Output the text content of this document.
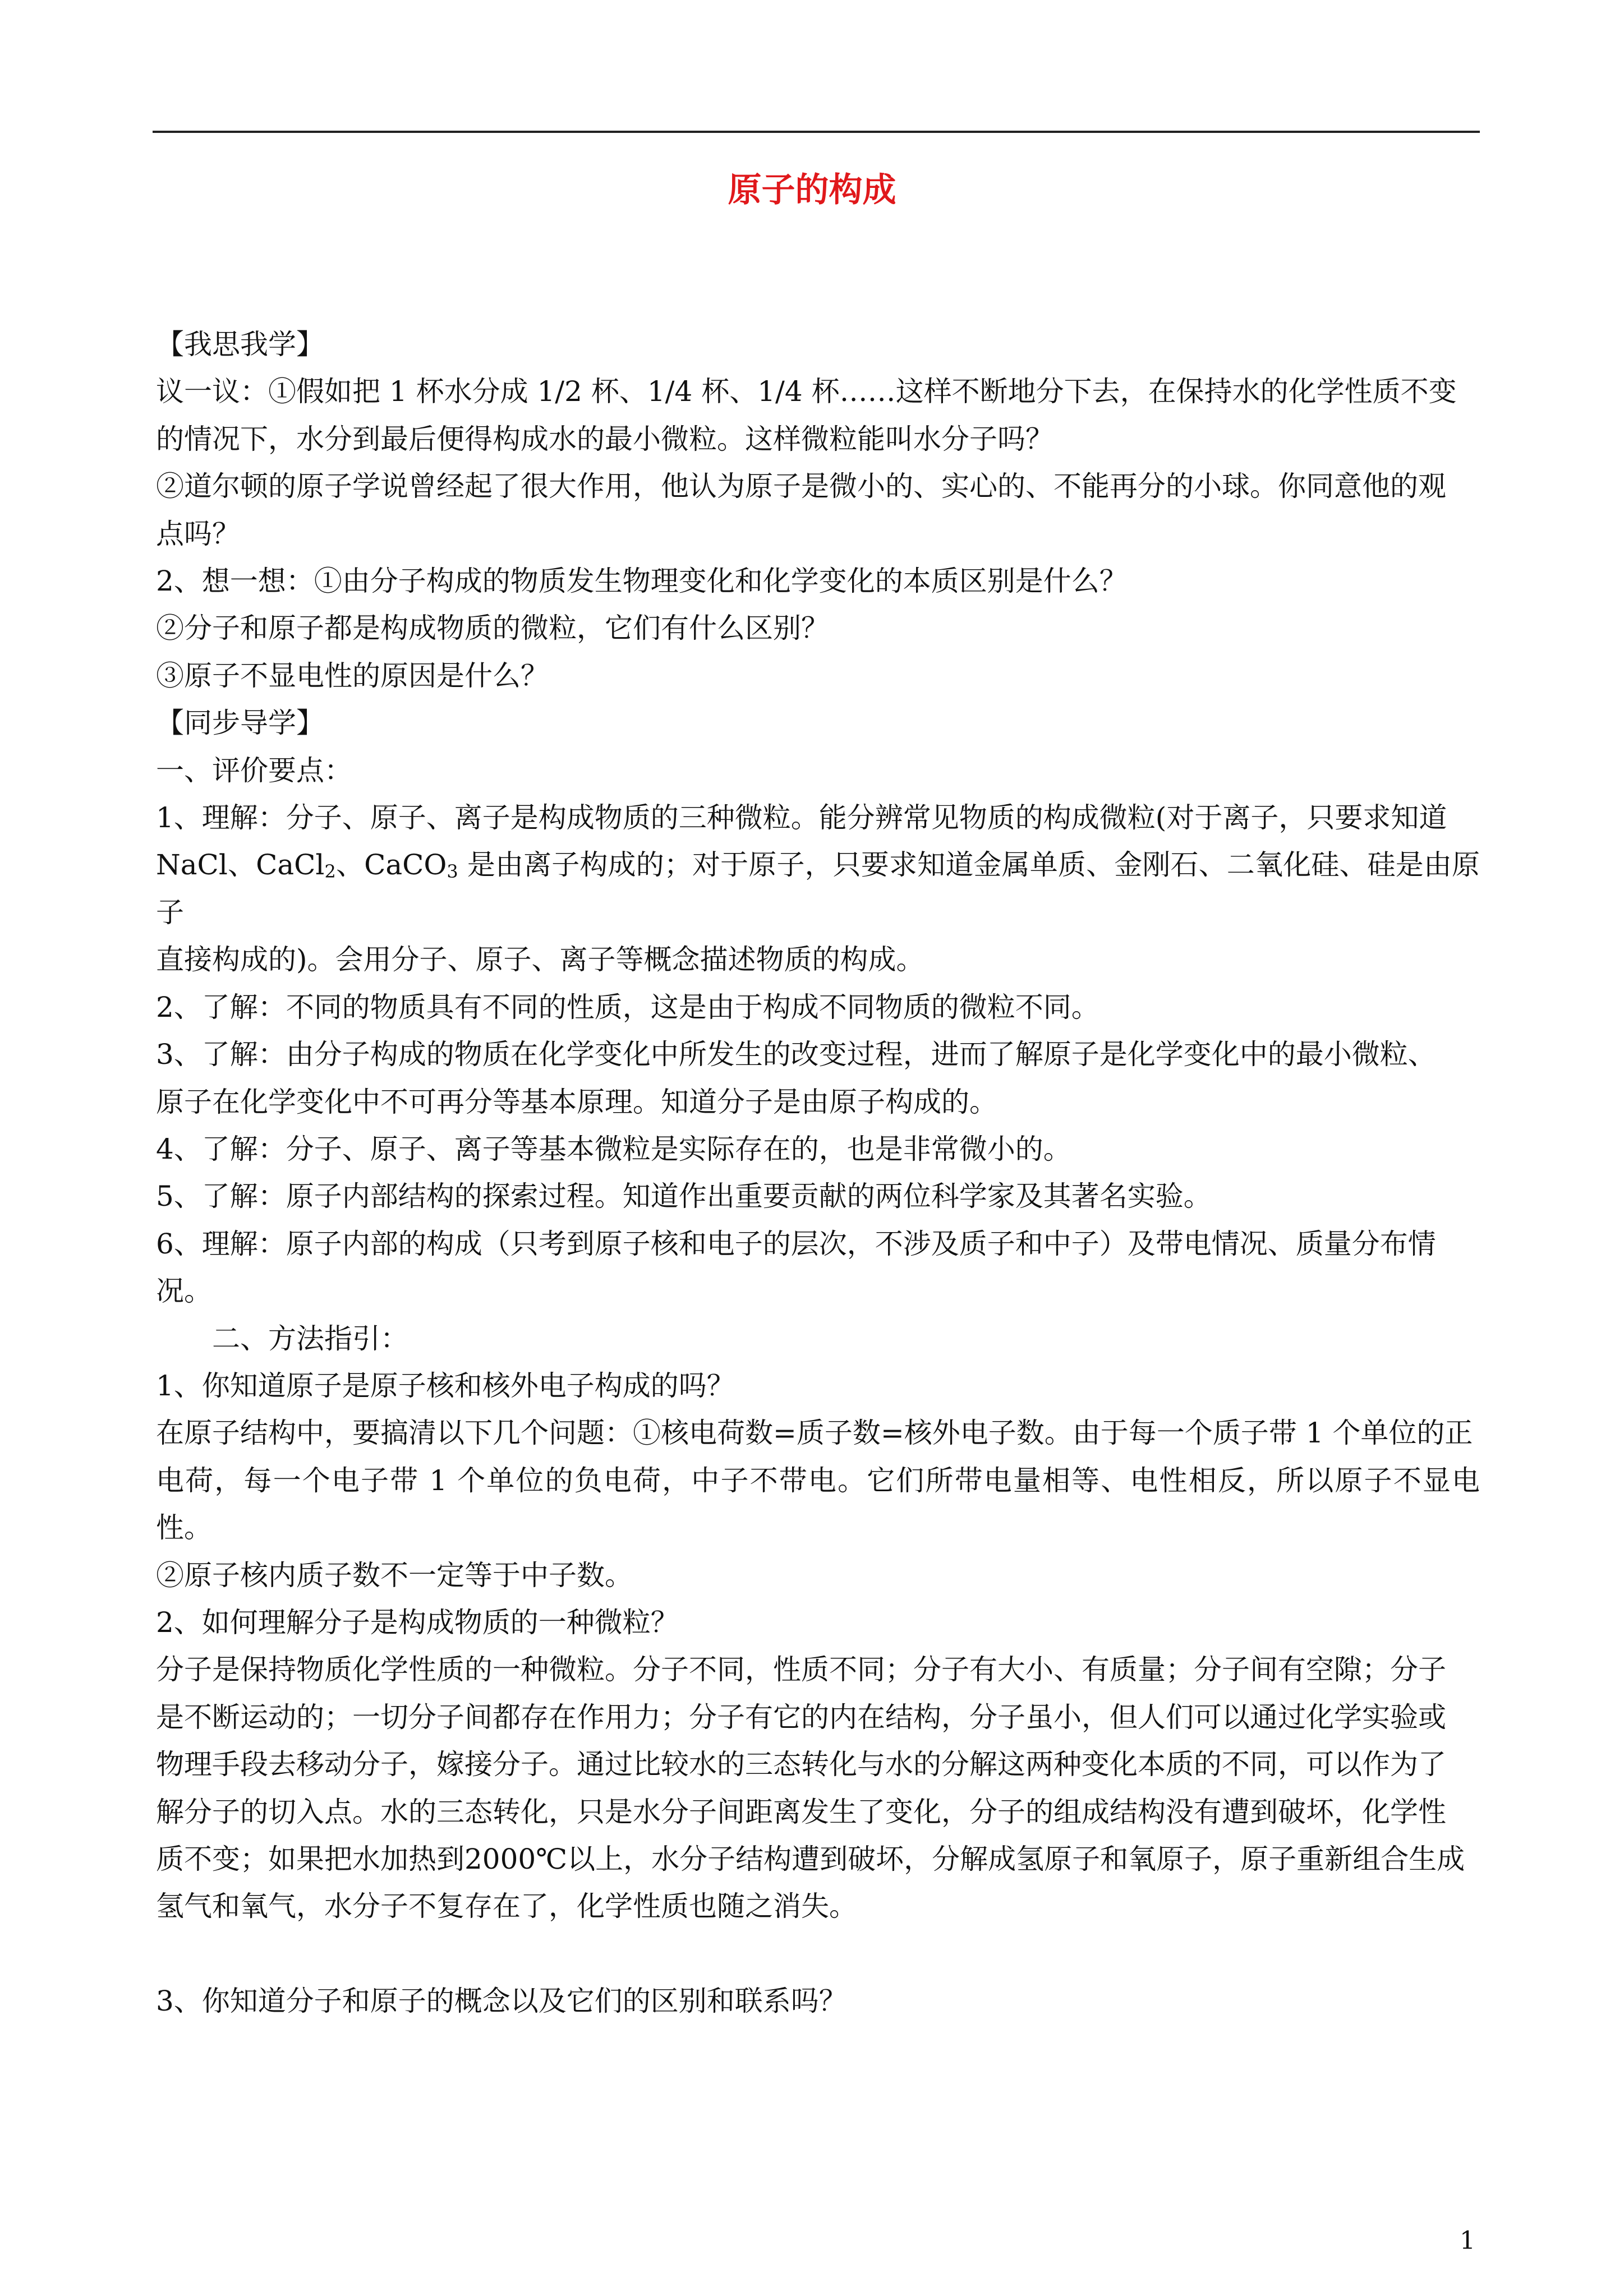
原子的构成

【我思我学】

议一议：①假如把 1 杯水分成 1/2 杯、1/4 杯、1/4 杯……这样不断地分下去，在保持水的化学性质不变

的情况下，水分到最后便得构成水的最小微粒。这样微粒能叫水分子吗？

②道尔顿的原子学说曾经起了很大作用，他认为原子是微小的、实心的、不能再分的小球。你同意他的观

点吗？

2、想一想：①由分子构成的物质发生物理变化和化学变化的本质区别是什么？

②分子和原子都是构成物质的微粒，它们有什么区别？

③原子不显电性的原因是什么？

【同步导学】

一、评价要点：

1、理解：分子、原子、离子是构成物质的三种微粒。能分辨常见物质的构成微粒(对于离子，只要求知道

NaCl、CaCl$_2$、CaCO$_3$ 是由离子构成的；对于原子，只要求知道金属单质、金刚石、二氧化硅、硅是由原子

直接构成的)。会用分子、原子、离子等概念描述物质的构成。

2、了解：不同的物质具有不同的性质，这是由于构成不同物质的微粒不同。

3、了解：由分子构成的物质在化学变化中所发生的改变过程，进而了解原子是化学变化中的最小微粒、

原子在化学变化中不可再分等基本原理。知道分子是由原子构成的。

4、了解：分子、原子、离子等基本微粒是实际存在的，也是非常微小的。

5、了解：原子内部结构的探索过程。知道作出重要贡献的两位科学家及其著名实验。

6、理解：原子内部的构成（只考到原子核和电子的层次，不涉及质子和中子）及带电情况、质量分布情

况。

二、方法指引：

1、你知道原子是原子核和核外电子构成的吗？

在原子结构中，要搞清以下几个问题：①核电荷数=质子数=核外电子数。由于每一个质子带 1 个单位的正

电荷，每一个电子带 1 个单位的负电荷，中子不带电。它们所带电量相等、电性相反，所以原子不显电性。

②原子核内质子数不一定等于中子数。

2、如何理解分子是构成物质的一种微粒？

分子是保持物质化学性质的一种微粒。分子不同，性质不同；分子有大小、有质量；分子间有空隙；分子

是不断运动的；一切分子间都存在作用力；分子有它的内在结构，分子虽小，但人们可以通过化学实验或

物理手段去移动分子，嫁接分子。通过比较水的三态转化与水的分解这两种变化本质的不同，可以作为了

解分子的切入点。水的三态转化，只是水分子间距离发生了变化，分子的组成结构没有遭到破坏，化学性

质不变；如果把水加热到2000℃以上，水分子结构遭到破坏，分解成氢原子和氧原子，原子重新组合生成

氢气和氧气，水分子不复存在了，化学性质也随之消失。

3、你知道分子和原子的概念以及它们的区别和联系吗？

1
